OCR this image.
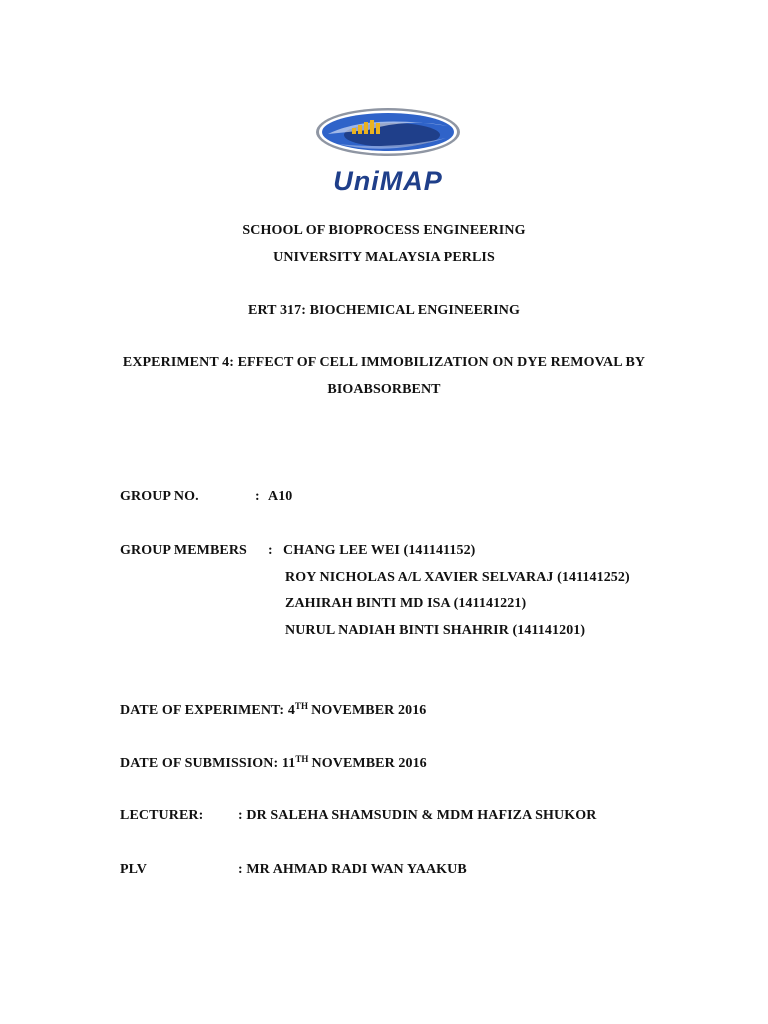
UniMAP
SCHOOL OF BIOPROCESS ENGINEERING
UNIVERSITY MALAYSIA PERLIS
ERT 317: BIOCHEMICAL ENGINEERING
EXPERIMENT 4: EFFECT OF CELL IMMOBILIZATION ON DYE REMOVAL BY
BIOABSORBENT
GROUP NO.	: A10
GROUP MEMBERS : CHANG LEE WEI (141141152)
ROY NICHOLAS A/L XAVIER SELVARAJ (141141252)
ZAHIRAH BINTI MD ISA (141141221)
NURUL NADIAH BINTI SHAHRIR (141141201)
DATE OF EXPERIMENT: 4TH NOVEMBER 2016
DATE OF SUBMISSION: 11TH NOVEMBER 2016
LECTURER: : DR SALEHA SHAMSUDIN & MDM HAFIZA SHUKOR
PLV	: MR AHMAD RADI WAN YAAKUB
